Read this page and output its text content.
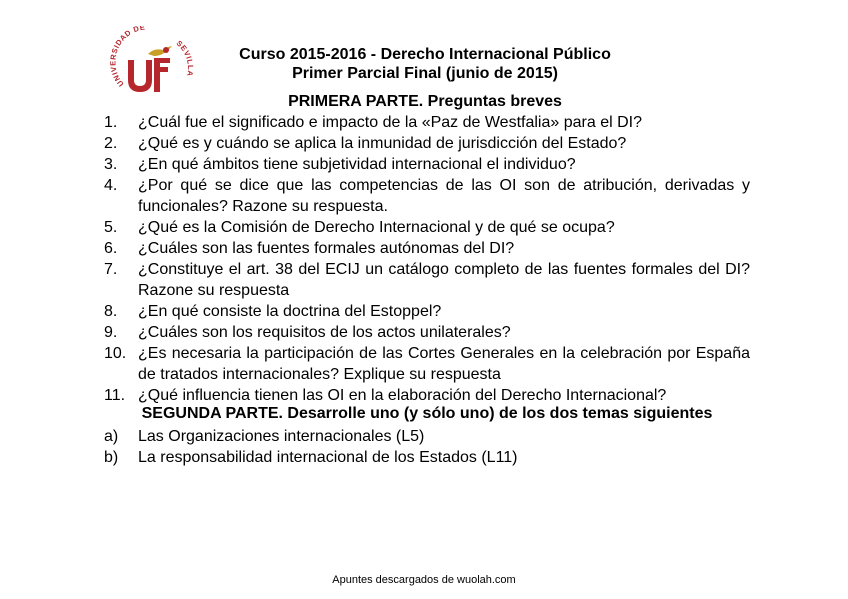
UNI SIDAD DE
SEVILLA
Curso 2015-2016 - Derecho Internacional Público
Primer Parcial Final (junio de 2015)
PRIMERA PARTE. Preguntas breves
1. ¿Cuál fue el significado e impacto de la «Paz de Westfalia» para el DI?
2. ¿Qué es y cuándo se aplica la inmunidad de jurisdicción del Estado?
3. ¿En qué ámbitos tiene subjetividad internacional el individuo?
4. ¿Por qué se dice que las competencias de las OI son de atribución, derivadas y funcionales? Razone su respuesta.
5. ¿Qué es la Comisión de Derecho Internacional y de qué se ocupa?
6. ¿Cuáles son las fuentes formales autónomas del DI?
7. ¿Constituye el art. 38 del ECIJ un catálogo completo de las fuentes formales del DI? Razone su respuesta
8. ¿En qué consiste la doctrina del Estoppel?
9. ¿Cuáles son los requisitos de los actos unilaterales?
10. ¿Es necesaria la participación de las Cortes Generales en la celebración por España de tratados internacionales? Explique su respuesta
11. ¿Qué influencia tienen las OI en la elaboración del Derecho Internacional?
SEGUNDA PARTE. Desarrolle uno (y sólo uno) de los dos temas siguientes
a) Las Organizaciones internacionales (L5)
b) La responsabilidad internacional de los Estados (L11)
Apuntes descargados de wuolah.com
